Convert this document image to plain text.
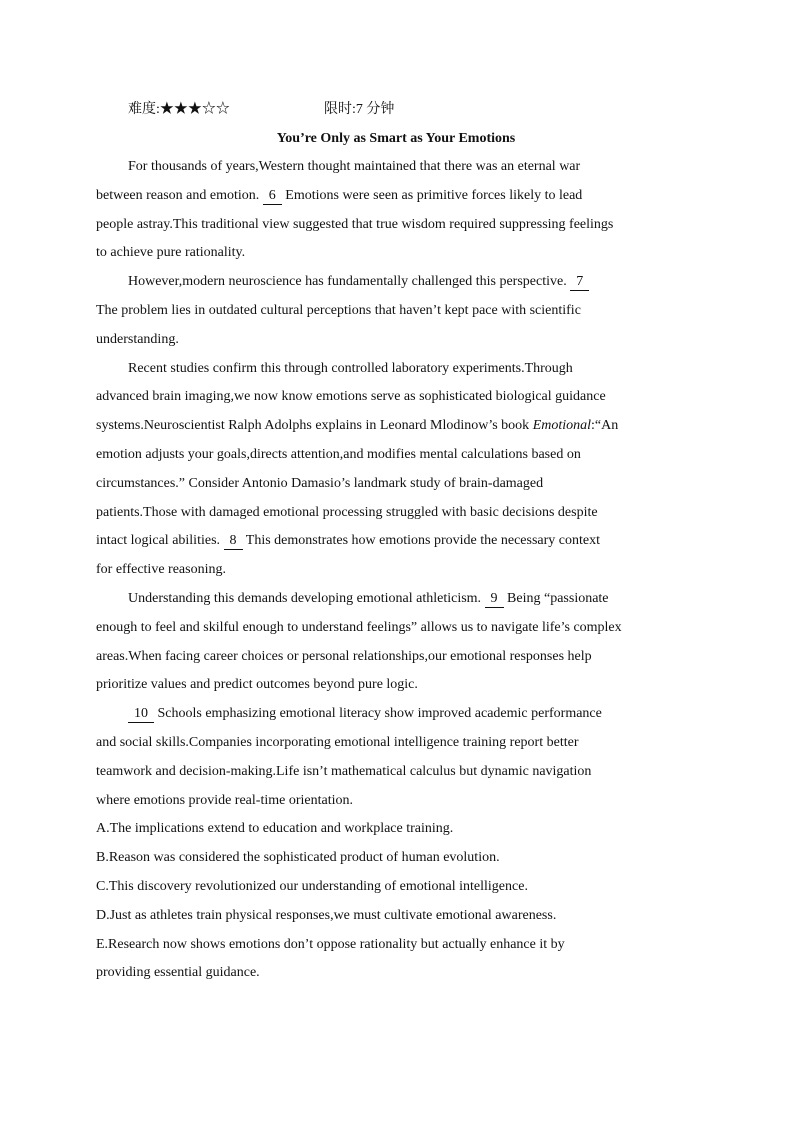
难度:★★★☆☆	限时:7 分钟
You’re Only as Smart as Your Emotions
For thousands of years,Western thought maintained that there was an eternal war
between reason and emotion. 6 Emotions were seen as primitive forces likely to lead
people astray.This traditional view suggested that true wisdom required suppressing feelings
to achieve pure rationality.
However,modern neuroscience has fundamentally challenged this perspective. 7
The problem lies in outdated cultural perceptions that haven’t kept pace with scientific
understanding.
Recent studies confirm this through controlled laboratory experiments.Through
advanced brain imaging,we now know emotions serve as sophisticated biological guidance
systems.Neuroscientist Ralph Adolphs explains in Leonard Mlodinow’s book Emotional:“An
emotion adjusts your goals,directs attention,and modifies mental calculations based on
circumstances.” Consider Antonio Damasio’s landmark study of brain-damaged
patients.Those with damaged emotional processing struggled with basic decisions despite
intact logical abilities. 8 This demonstrates how emotions provide the necessary context
for effective reasoning.
Understanding this demands developing emotional athleticism. 9 Being “passionate
enough to feel and skilful enough to understand feelings” allows us to navigate life’s complex
areas.When facing career choices or personal relationships,our emotional responses help
prioritize values and predict outcomes beyond pure logic.
10 Schools emphasizing emotional literacy show improved academic performance
and social skills.Companies incorporating emotional intelligence training report better
teamwork and decision-making.Life isn’t mathematical calculus but dynamic navigation
where emotions provide real-time orientation.
A.The implications extend to education and workplace training.
B.Reason was considered the sophisticated product of human evolution.
C.This discovery revolutionized our understanding of emotional intelligence.
D.Just as athletes train physical responses,we must cultivate emotional awareness.
E.Research now shows emotions don’t oppose rationality but actually enhance it by
providing essential guidance.
